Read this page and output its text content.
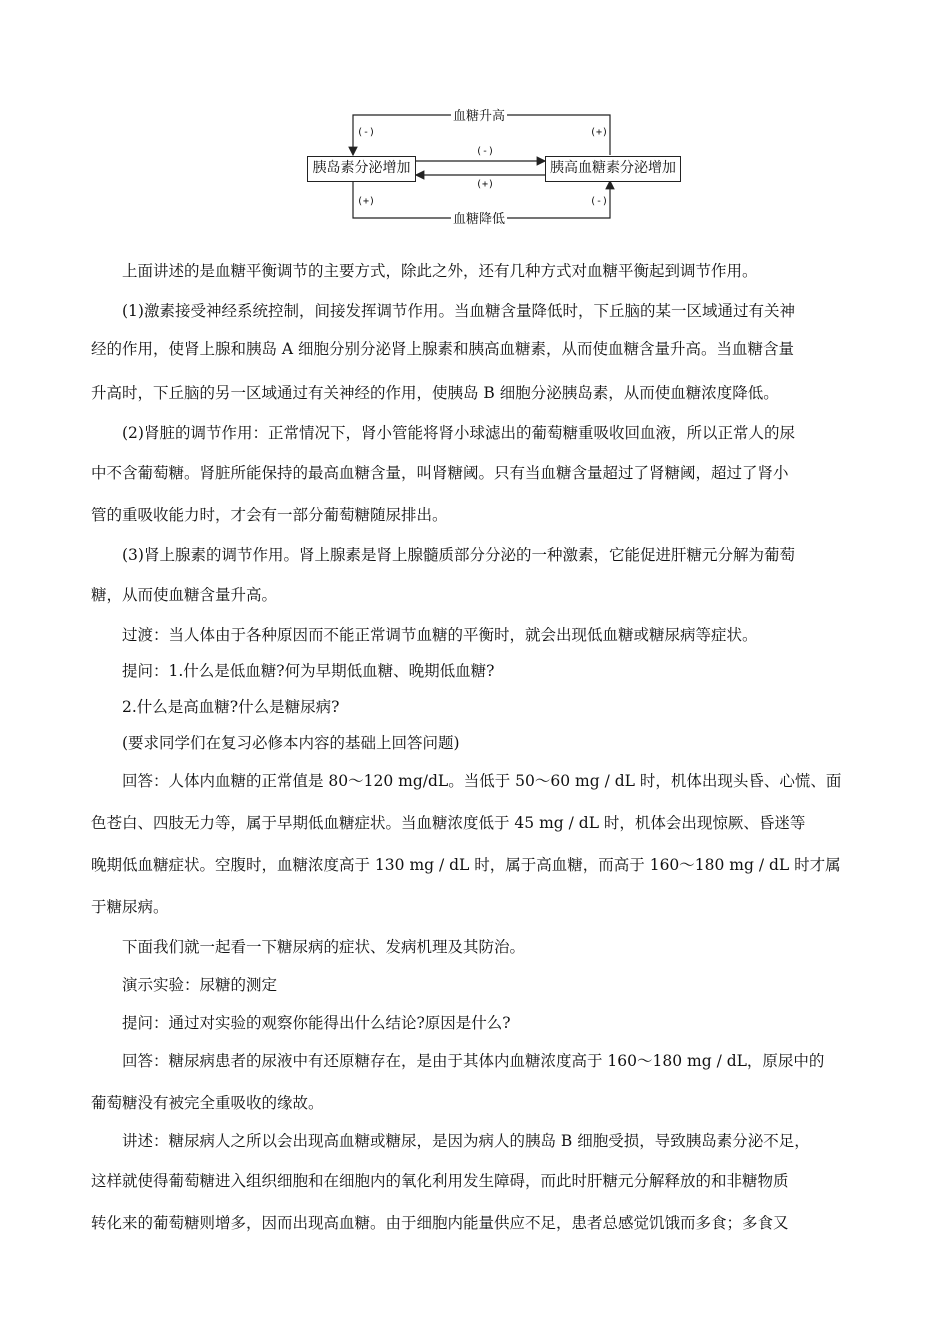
胰岛素分泌增加	胰高血糖素分泌增加
血糖升高
血糖降低
(-)	(+)
(-)
(+)
(+)	(-)
上面讲述的是血糖平衡调节的主要方式，除此之外，还有几种方式对血糖平衡起到调节作用。
(1)激素接受神经系统控制，间接发挥调节作用。当血糖含量降低时，下丘脑的某一区域通过有关神
经的作用，使肾上腺和胰岛 A 细胞分别分泌肾上腺素和胰高血糖素，从而使血糖含量升高。当血糖含量
升高时，下丘脑的另一区域通过有关神经的作用，使胰岛 B 细胞分泌胰岛素，从而使血糖浓度降低。
(2)肾脏的调节作用：正常情况下，肾小管能将肾小球滤出的葡萄糖重吸收回血液，所以正常人的尿
中不含葡萄糖。肾脏所能保持的最高血糖含量，叫肾糖阈。只有当血糖含量超过了肾糖阈，超过了肾小
管的重吸收能力时，才会有一部分葡萄糖随尿排出。
(3)肾上腺素的调节作用。肾上腺素是肾上腺髓质部分分泌的一种激素，它能促进肝糖元分解为葡萄
糖，从而使血糖含量升高。
过渡：当人体由于各种原因而不能正常调节血糖的平衡时，就会出现低血糖或糖尿病等症状。
提问：1.什么是低血糖?何为早期低血糖、晚期低血糖?
2.什么是高血糖?什么是糖尿病?
(要求同学们在复习必修本内容的基础上回答问题)
回答：人体内血糖的正常值是 80～120 mg/dL。当低于 50～60 mg / dL 时，机体出现头昏、心慌、面
色苍白、四肢无力等，属于早期低血糖症状。当血糖浓度低于 45 mg / dL 时，机体会出现惊厥、昏迷等
晚期低血糖症状。空腹时，血糖浓度高于 130 mg / dL 时，属于高血糖，而高于 160～180 mg / dL 时才属
于糖尿病。
下面我们就一起看一下糖尿病的症状、发病机理及其防治。
演示实验：尿糖的测定
提问：通过对实验的观察你能得出什么结论?原因是什么?
回答：糖尿病患者的尿液中有还原糖存在，是由于其体内血糖浓度高于 160～180 mg / dL，原尿中的
葡萄糖没有被完全重吸收的缘故。
讲述：糖尿病人之所以会出现高血糖或糖尿，是因为病人的胰岛 B 细胞受损，导致胰岛素分泌不足，
这样就使得葡萄糖进入组织细胞和在细胞内的氧化利用发生障碍，而此时肝糖元分解释放的和非糖物质
转化来的葡萄糖则增多，因而出现高血糖。由于细胞内能量供应不足，患者总感觉饥饿而多食；多食又
